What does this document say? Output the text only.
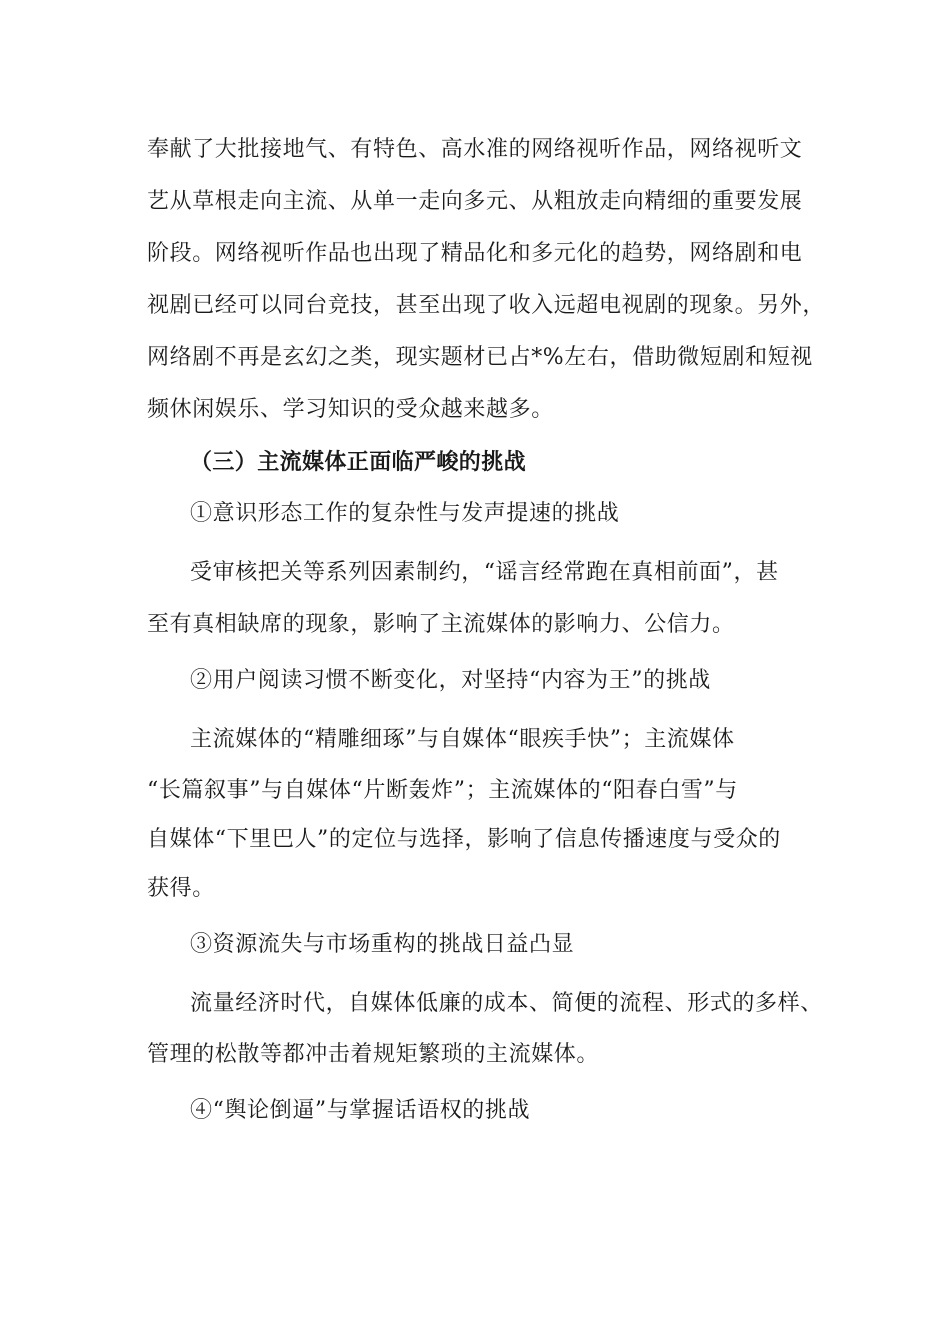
奉献了大批接地气、有特色、高水准的网络视听作品，网络视听文
艺从草根走向主流、从单一走向多元、从粗放走向精细的重要发展
阶段。网络视听作品也出现了精品化和多元化的趋势，网络剧和电
视剧已经可以同台竞技，甚至出现了收入远超电视剧的现象。另外，
网络剧不再是玄幻之类，现实题材已占*%左右，借助微短剧和短视
频休闲娱乐、学习知识的受众越来越多。
（三）主流媒体正面临严峻的挑战
①意识形态工作的复杂性与发声提速的挑战
受审核把关等系列因素制约，“谣言经常跑在真相前面”，甚
至有真相缺席的现象，影响了主流媒体的影响力、公信力。
②用户阅读习惯不断变化，对坚持“内容为王”的挑战
主流媒体的“精雕细琢”与自媒体“眼疾手快”；主流媒体
“长篇叙事”与自媒体“片断轰炸”；主流媒体的“阳春白雪”与
自媒体“下里巴人”的定位与选择，影响了信息传播速度与受众的
获得。
③资源流失与市场重构的挑战日益凸显
流量经济时代，自媒体低廉的成本、简便的流程、形式的多样、
管理的松散等都冲击着规矩繁琐的主流媒体。
④“舆论倒逼”与掌握话语权的挑战
